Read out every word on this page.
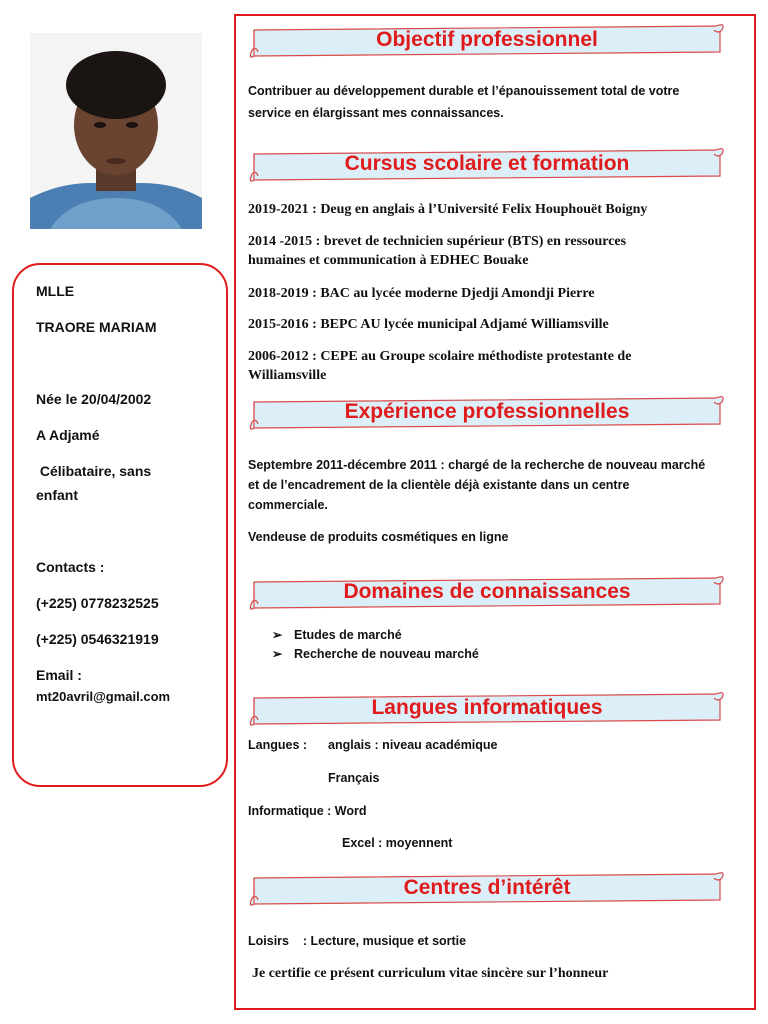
MLLE
TRAORE MARIAM
Née le 20/04/2002
A Adjamé
Célibataire, sans
enfant
Contacts :
(+225) 0778232525
(+225) 0546321919
Email :
mt20avril@gmail.com
Objectif professionnel
Contribuer au développement durable et l’épanouissement total de votre
service en élargissant mes connaissances.
Cursus scolaire et formation
2019-2021 : Deug en anglais à l’Université Felix Houphouët Boigny
2014 -2015 : brevet de technicien supérieur (BTS) en ressources
humaines et communication à EDHEC Bouake
2018-2019 : BAC au lycée moderne Djedji Amondji Pierre
2015-2016 : BEPC AU lycée municipal Adjamé Williamsville
2006-2012 : CEPE au Groupe scolaire méthodiste protestante de
Williamsville
Expérience professionnelles
Septembre 2011-décembre 2011 : chargé de la recherche de nouveau marché
et de l’encadrement de la clientèle déjà existante dans un centre
commerciale.
Vendeuse de produits cosmétiques en ligne
Domaines de connaissances
➢ Etudes de marché
➢ Recherche de nouveau marché
Langues informatiques
Langues :	anglais : niveau académique
Français
Informatique : Word
Excel : moyennent
Centres d’intérêt
Loisirs    : Lecture, musique et sortie
Je certifie ce présent curriculum vitae sincère sur l’honneur
